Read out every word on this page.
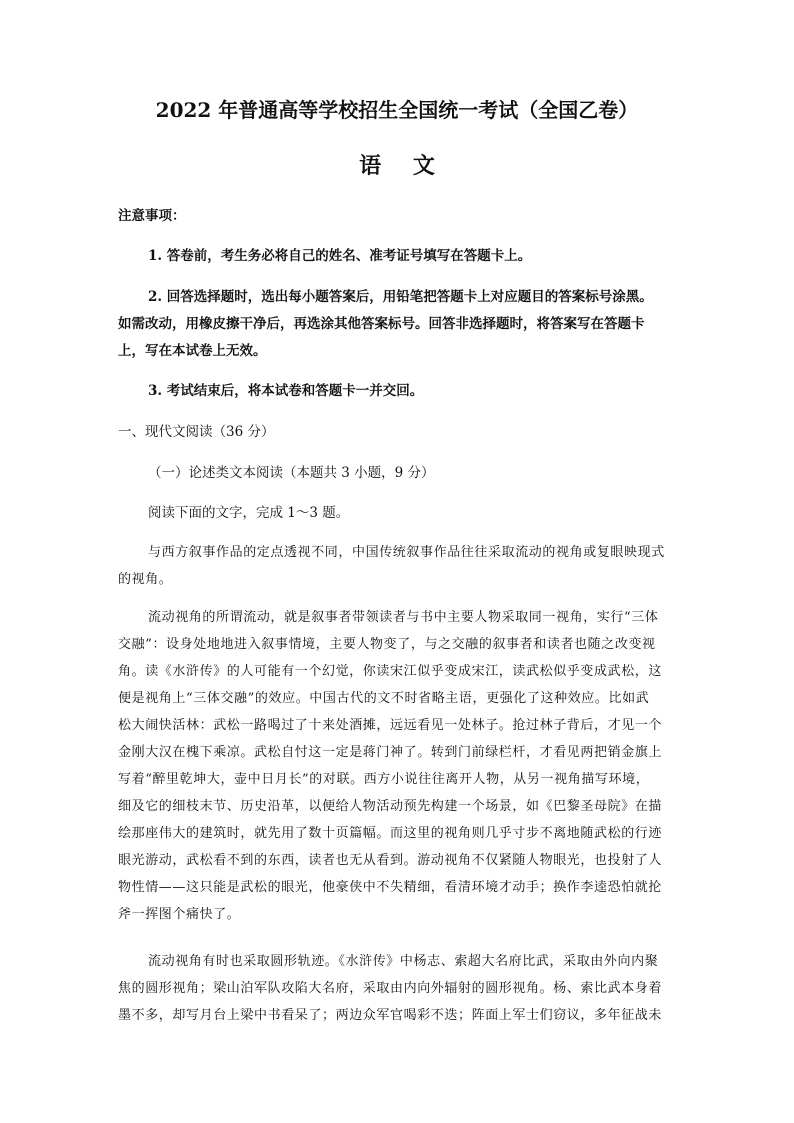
2022 年普通高等学校招生全国统一考试（全国乙卷）
语 文
注意事项：
1. 答卷前，考生务必将自己的姓名、准考证号填写在答题卡上。
2. 回答选择题时，选出每小题答案后，用铅笔把答题卡上对应题目的答案标号涂黑。
如需改动，用橡皮擦干净后，再选涂其他答案标号。回答非选择题时，将答案写在答题卡
上，写在本试卷上无效。
3. 考试结束后，将本试卷和答题卡一并交回。
一、现代文阅读（36 分）
（一）论述类文本阅读（本题共 3 小题，9 分）
阅读下面的文字，完成 1～3 题。
与西方叙事作品的定点透视不同，中国传统叙事作品往往采取流动的视角或复眼映现式
的视角。
流动视角的所谓流动，就是叙事者带领读者与书中主要人物采取同一视角，实行“三体
交融”：设身处地地进入叙事情境，主要人物变了，与之交融的叙事者和读者也随之改变视
角。读《水浒传》的人可能有一个幻觉，你读宋江似乎变成宋江，读武松似乎变成武松，这
便是视角上“三体交融”的效应。中国古代的文不时省略主语，更强化了这种效应。比如武
松大闹快活林：武松一路喝过了十来处酒摊，远远看见一处林子。抢过林子背后，才见一个
金刚大汉在槐下乘凉。武松自忖这一定是蒋门神了。转到门前绿栏杆，才看见两把销金旗上
写着“醉里乾坤大，壶中日月长”的对联。西方小说往往离开人物，从另一视角描写环境，
细及它的细枝末节、历史沿革，以便给人物活动预先构建一个场景，如《巴黎圣母院》在描
绘那座伟大的建筑时，就先用了数十页篇幅。而这里的视角则几乎寸步不离地随武松的行迹
眼光游动，武松看不到的东西，读者也无从看到。游动视角不仅紧随人物眼光，也投射了人
物性情——这只能是武松的眼光，他豪侠中不失精细，看清环境才动手；换作李逵恐怕就抡
斧一挥图个痛快了。
流动视角有时也采取圆形轨迹。《水浒传》中杨志、索超大名府比武，采取由外向内聚
焦的圆形视角；梁山泊军队攻陷大名府，采取由内向外辐射的圆形视角。杨、索比武本身着
墨不多，却写月台上梁中书看呆了；两边众军官喝彩不迭；阵面上军士们窃议，多年征战未
